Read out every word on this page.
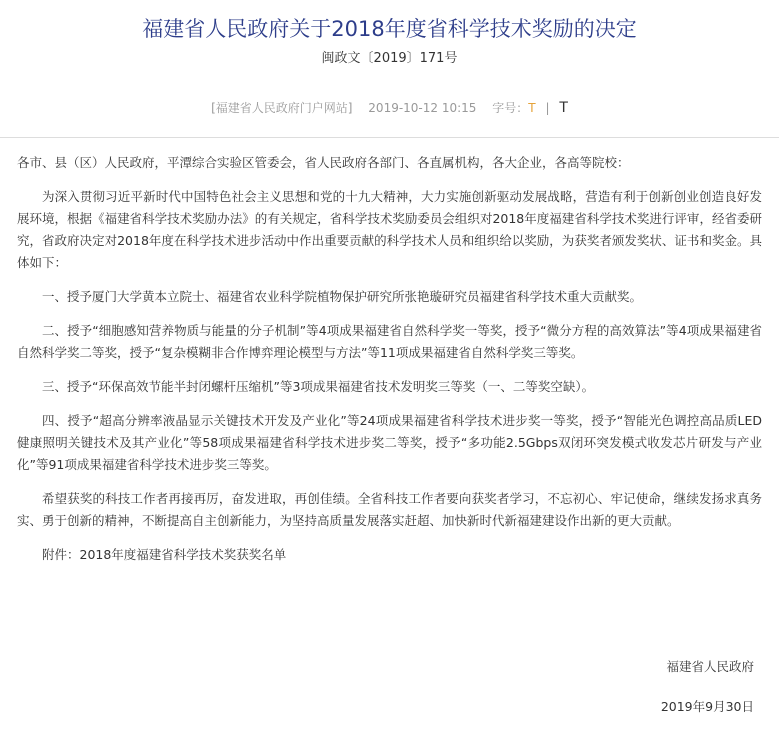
福建省人民政府关于2018年度省科学技术奖励的决定
闽政文〔2019〕171号
[福建省人民政府门户网站] 2019-10-12 10:15 字号：T | T

各市、县（区）人民政府，平潭综合实验区管委会，省人民政府各部门、各直属机构，各大企业，各高等院校：

为深入贯彻习近平新时代中国特色社会主义思想和党的十九大精神，大力实施创新驱动发展战略，营造有利于创新创业创造良好发展环境，根据《福建省科学技术奖励办法》的有关规定，省科学技术奖励委员会组织对2018年度福建省科学技术奖进行评审，经省委研究，省政府决定对2018年度在科学技术进步活动中作出重要贡献的科学技术人员和组织给以奖励，为获奖者颁发奖状、证书和奖金。具体如下：

一、授予厦门大学黄本立院士、福建省农业科学院植物保护研究所张艳璇研究员福建省科学技术重大贡献奖。

二、授予“细胞感知营养物质与能量的分子机制”等4项成果福建省自然科学奖一等奖，授予“微分方程的高效算法”等4项成果福建省自然科学奖二等奖，授予“复杂模糊非合作博弈理论模型与方法”等11项成果福建省自然科学奖三等奖。

三、授予“环保高效节能半封闭螺杆压缩机”等3项成果福建省技术发明奖三等奖（一、二等奖空缺）。

四、授予“超高分辨率液晶显示关键技术开发及产业化”等24项成果福建省科学技术进步奖一等奖，授予“智能光色调控高品质LED健康照明关键技术及其产业化”等58项成果福建省科学技术进步奖二等奖，授予“多功能2.5Gbps双闭环突发模式收发芯片研发与产业化”等91项成果福建省科学技术进步奖三等奖。

希望获奖的科技工作者再接再厉，奋发进取，再创佳绩。全省科技工作者要向获奖者学习，不忘初心、牢记使命，继续发扬求真务实、勇于创新的精神，不断提高自主创新能力，为坚持高质量发展落实赶超、加快新时代新福建建设作出新的更大贡献。

附件：2018年度福建省科学技术奖获奖名单

福建省人民政府
2019年9月30日
